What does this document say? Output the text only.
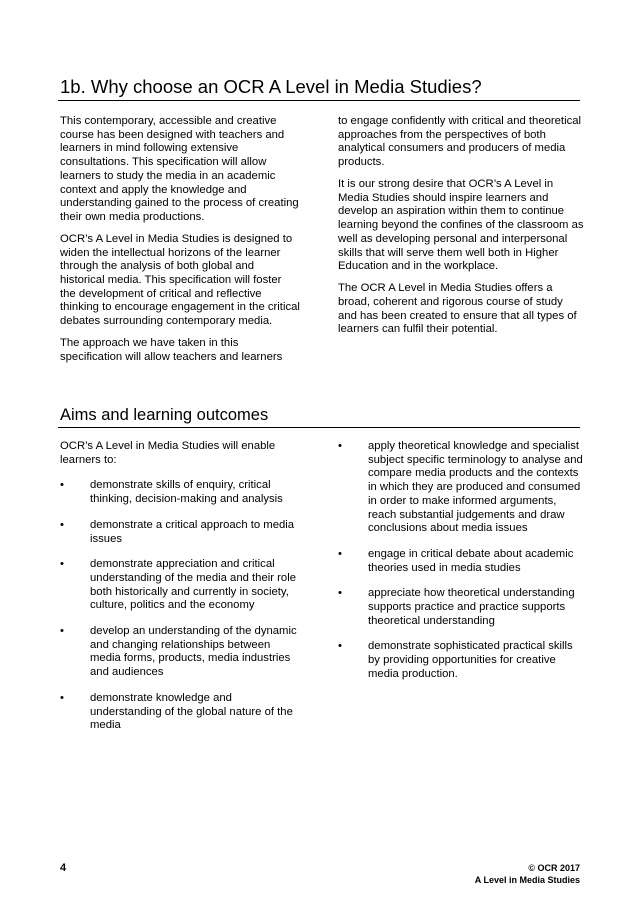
1b. Why choose an OCR A Level in Media Studies?

This contemporary, accessible and creative course has been designed with teachers and learners in mind following extensive consultations. This specification will allow learners to study the media in an academic context and apply the knowledge and understanding gained to the process of creating their own media productions.

OCR’s A Level in Media Studies is designed to widen the intellectual horizons of the learner through the analysis of both global and historical media. This specification will foster the development of critical and reflective thinking to encourage engagement in the critical debates surrounding contemporary media.

The approach we have taken in this specification will allow teachers and learners

to engage confidently with critical and theoretical approaches from the perspectives of both analytical consumers and producers of media products.

It is our strong desire that OCR’s A Level in Media Studies should inspire learners and develop an aspiration within them to continue learning beyond the confines of the classroom as well as developing personal and interpersonal skills that will serve them well both in Higher Education and in the workplace.

The OCR A Level in Media Studies offers a broad, coherent and rigorous course of study and has been created to ensure that all types of learners can fulfil their potential.

Aims and learning outcomes

OCR’s A Level in Media Studies will enable learners to:

• demonstrate skills of enquiry, critical thinking, decision-making and analysis
• demonstrate a critical approach to media issues
• demonstrate appreciation and critical understanding of the media and their role both historically and currently in society, culture, politics and the economy
• develop an understanding of the dynamic and changing relationships between media forms, products, media industries and audiences
• demonstrate knowledge and understanding of the global nature of the media
• apply theoretical knowledge and specialist subject specific terminology to analyse and compare media products and the contexts in which they are produced and consumed in order to make informed arguments, reach substantial judgements and draw conclusions about media issues
• engage in critical debate about academic theories used in media studies
• appreciate how theoretical understanding supports practice and practice supports theoretical understanding
• demonstrate sophisticated practical skills by providing opportunities for creative media production.
4	© OCR 2017
A Level in Media Studies
